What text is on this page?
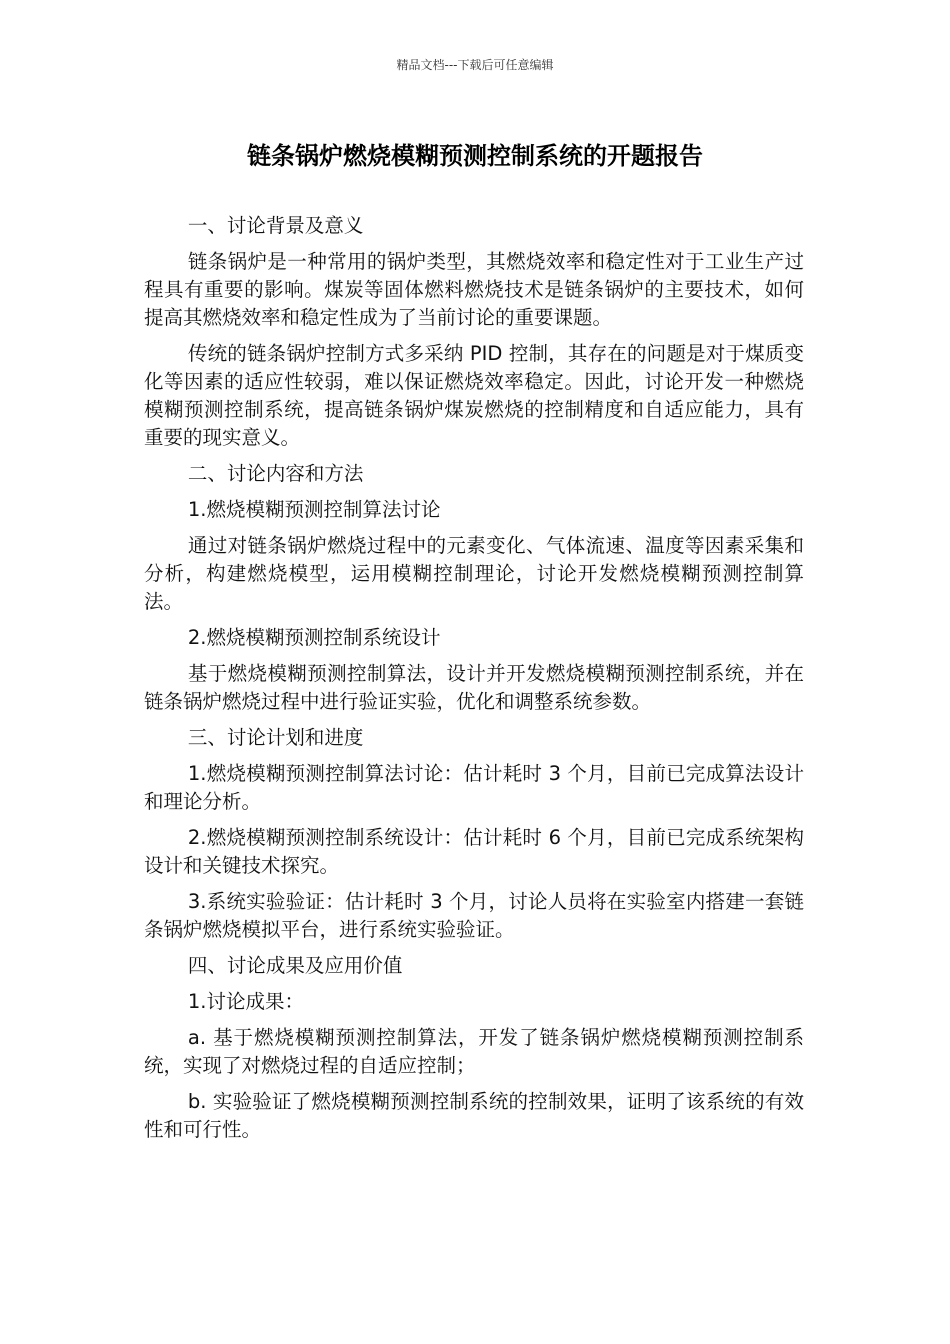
精品文档---下载后可任意编辑
链条锅炉燃烧模糊预测控制系统的开题报告

一、讨论背景及意义

链条锅炉是一种常用的锅炉类型，其燃烧效率和稳定性对于工业生产过程具有重要的影响。煤炭等固体燃料燃烧技术是链条锅炉的主要技术，如何提高其燃烧效率和稳定性成为了当前讨论的重要课题。

传统的链条锅炉控制方式多采纳 PID 控制，其存在的问题是对于煤质变化等因素的适应性较弱，难以保证燃烧效率稳定。因此，讨论开发一种燃烧模糊预测控制系统，提高链条锅炉煤炭燃烧的控制精度和自适应能力，具有重要的现实意义。

二、讨论内容和方法

1.燃烧模糊预测控制算法讨论

通过对链条锅炉燃烧过程中的元素变化、气体流速、温度等因素采集和分析，构建燃烧模型，运用模糊控制理论，讨论开发燃烧模糊预测控制算法。

2.燃烧模糊预测控制系统设计

基于燃烧模糊预测控制算法，设计并开发燃烧模糊预测控制系统，并在链条锅炉燃烧过程中进行验证实验，优化和调整系统参数。

三、讨论计划和进度

1.燃烧模糊预测控制算法讨论：估计耗时 3 个月，目前已完成算法设计和理论分析。

2.燃烧模糊预测控制系统设计：估计耗时 6 个月，目前已完成系统架构设计和关键技术探究。

3.系统实验验证：估计耗时 3 个月，讨论人员将在实验室内搭建一套链条锅炉燃烧模拟平台，进行系统实验验证。

四、讨论成果及应用价值

1.讨论成果：

a. 基于燃烧模糊预测控制算法，开发了链条锅炉燃烧模糊预测控制系统，实现了对燃烧过程的自适应控制；

b. 实验验证了燃烧模糊预测控制系统的控制效果，证明了该系统的有效性和可行性。
